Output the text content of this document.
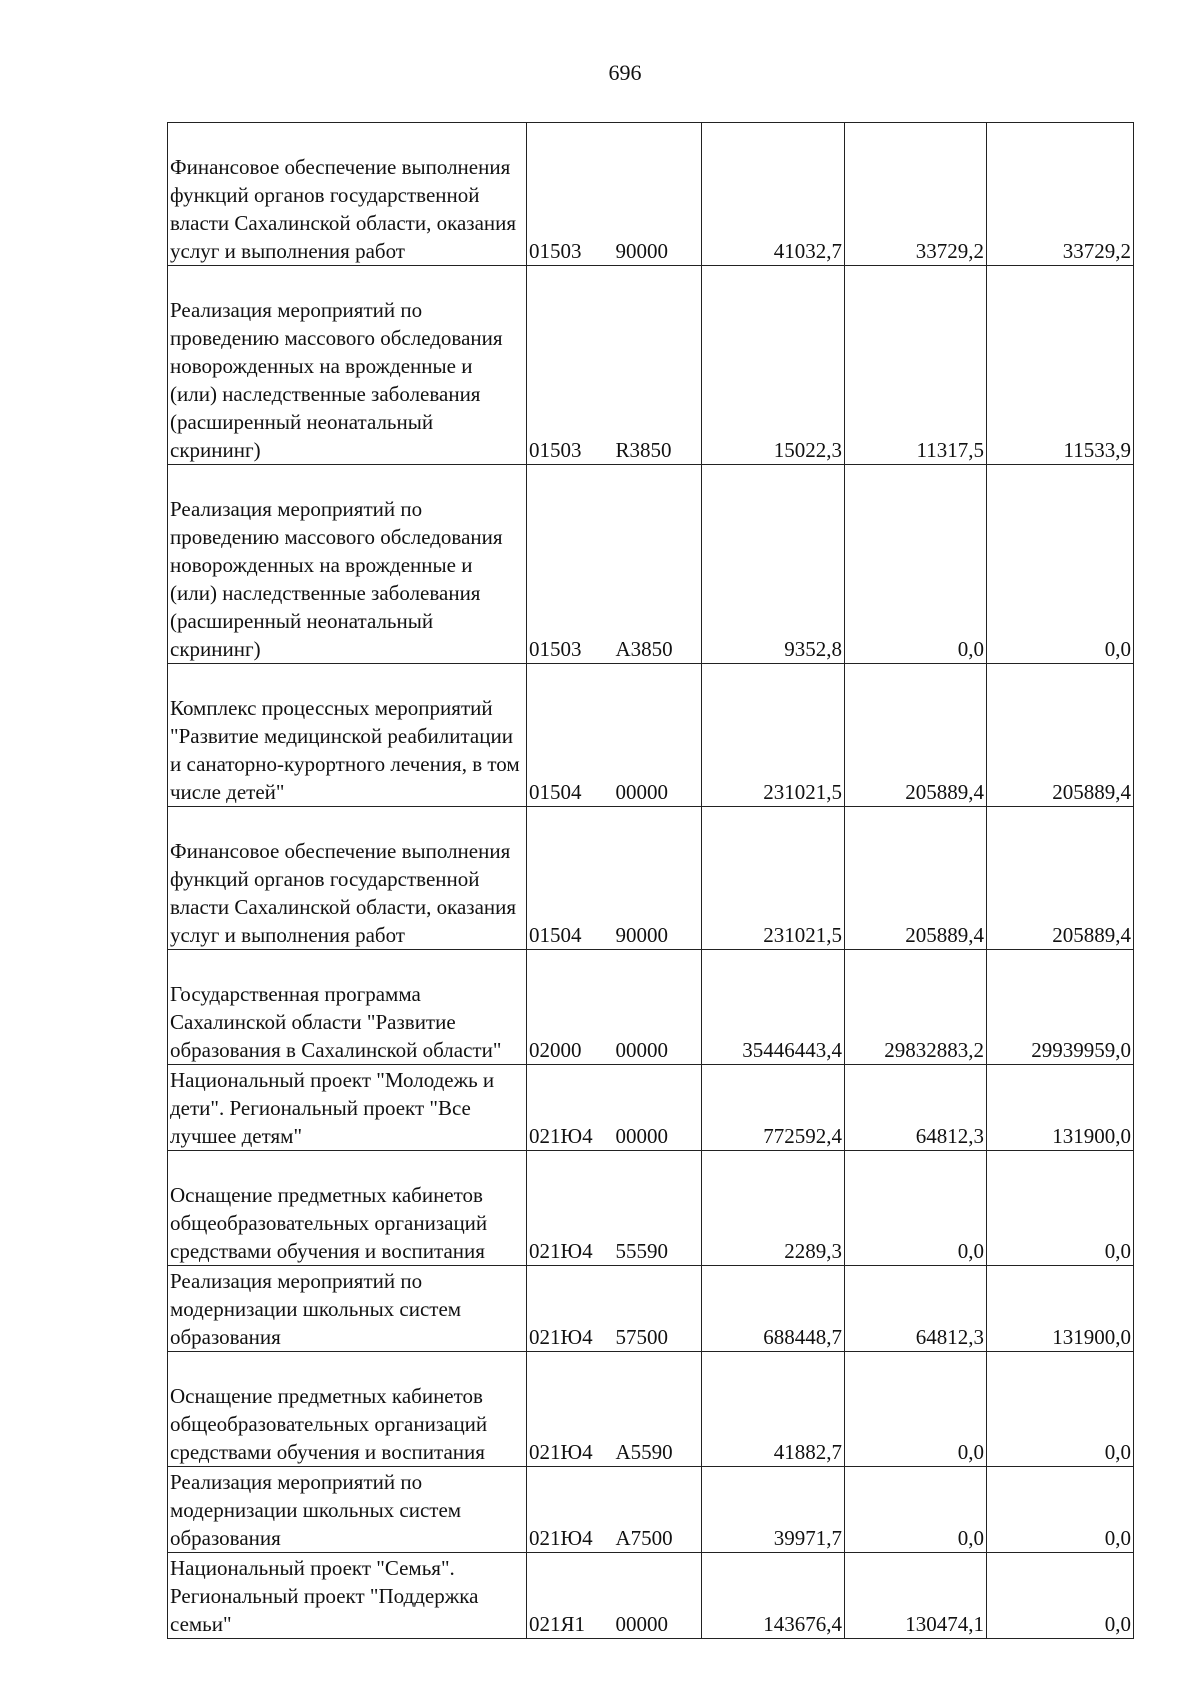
696
Финансовое обеспечение выполнения функций органов государственной власти Сахалинской области, оказания услуг и выполнения работ	01503	90000	41032,7	33729,2	33729,2
Реализация мероприятий по проведению массового обследования новорожденных на врожденные и (или) наследственные заболевания (расширенный неонатальный скрининг)	01503	R3850	15022,3	11317,5	11533,9
Реализация мероприятий по проведению массового обследования новорожденных на врожденные и (или) наследственные заболевания (расширенный неонатальный скрининг)	01503	А3850	9352,8	0,0	0,0
Комплекс процессных мероприятий "Развитие медицинской реабилитации и санаторно-курортного лечения, в том числе детей"	01504	00000	231021,5	205889,4	205889,4
Финансовое обеспечение выполнения функций органов государственной власти Сахалинской области, оказания услуг и выполнения работ	01504	90000	231021,5	205889,4	205889,4
Государственная программа Сахалинской области "Развитие образования в Сахалинской области"	02000	00000	35446443,4	29832883,2	29939959,0
Национальный проект "Молодежь и дети". Региональный проект "Все лучшее детям"	021Ю4	00000	772592,4	64812,3	131900,0
Оснащение предметных кабинетов общеобразовательных организаций средствами обучения и воспитания	021Ю4	55590	2289,3	0,0	0,0
Реализация мероприятий по модернизации школьных систем образования	021Ю4	57500	688448,7	64812,3	131900,0
Оснащение предметных кабинетов общеобразовательных организаций средствами обучения и воспитания	021Ю4	А5590	41882,7	0,0	0,0
Реализация мероприятий по модернизации школьных систем образования	021Ю4	А7500	39971,7	0,0	0,0
Национальный проект "Семья". Региональный проект "Поддержка семьи"	021Я1	00000	143676,4	130474,1	0,0
